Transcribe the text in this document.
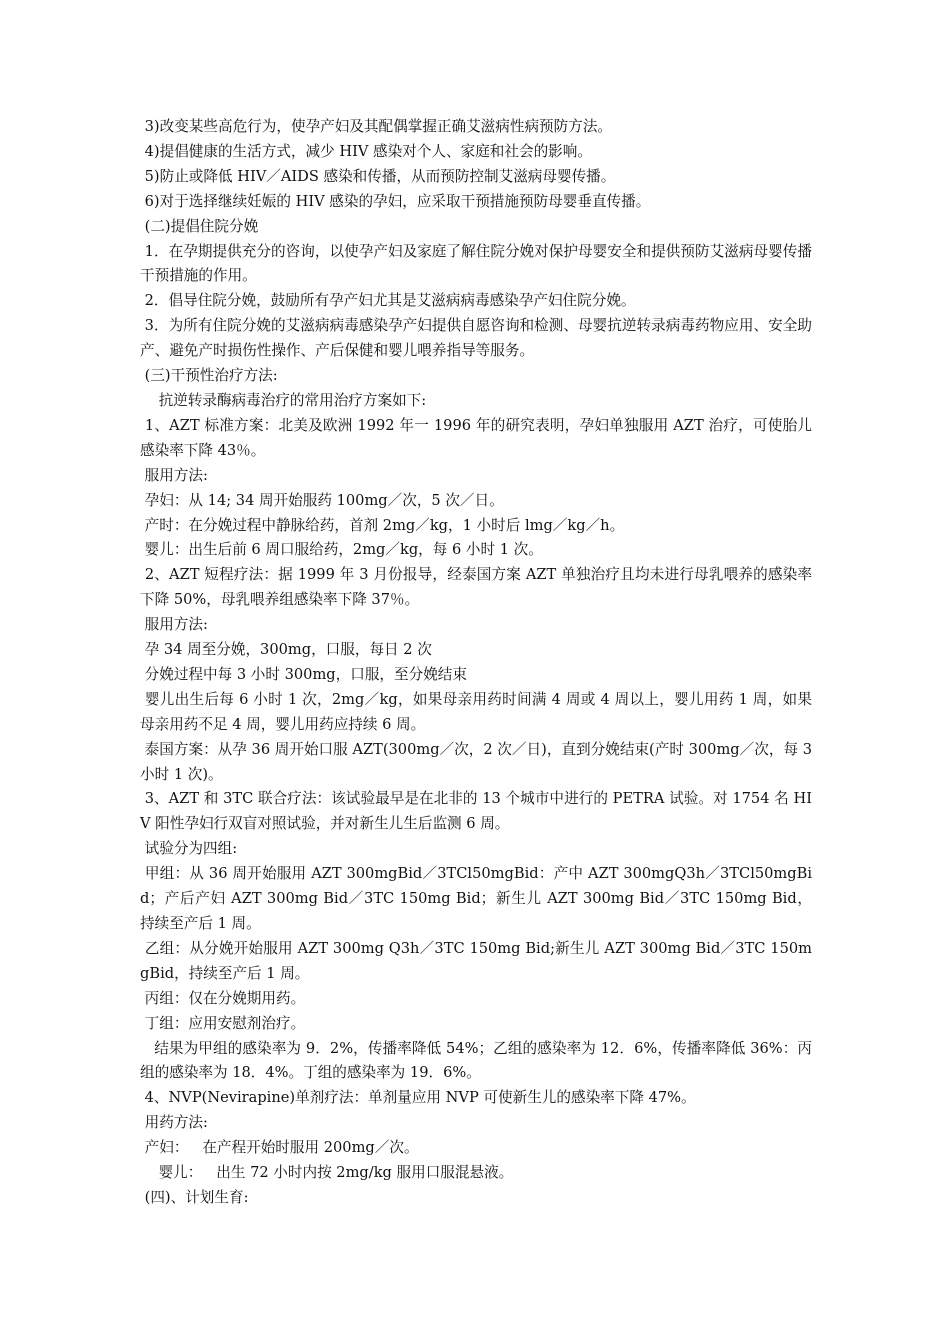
3)改变某些高危行为，使孕产妇及其配偶掌握正确艾滋病性病预防方法。

4)提倡健康的生活方式，减少 HIV 感染对个人、家庭和社会的影响。

5)防止或降低 HIV／AIDS 感染和传播，从而预防控制艾滋病母婴传播。

6)对于选择继续妊娠的 HIV 感染的孕妇，应采取干预措施预防母婴垂直传播。

(二)提倡住院分娩

1．在孕期提供充分的咨询，以使孕产妇及家庭了解住院分娩对保护母婴安全和提供预防艾滋病母婴传播干预措施的作用。

2．倡导住院分娩，鼓励所有孕产妇尤其是艾滋病病毒感染孕产妇住院分娩。

3．为所有住院分娩的艾滋病病毒感染孕产妇提供自愿咨询和检测、母婴抗逆转录病毒药物应用、安全助产、避免产时损伤性操作、产后保健和婴儿喂养指导等服务。

(三)干预性治疗方法:

抗逆转录酶病毒治疗的常用治疗方案如下:

1、AZT 标准方案：北美及欧洲 1992 年一 1996 年的研究表明，孕妇单独服用 AZT 治疗，可使胎儿感染率下降 43％。

服用方法:

孕妇：从 14; 34 周开始服药 100mg／次，5 次／日。

产时：在分娩过程中静脉给药，首剂 2mg／kg，1 小时后 lmg／kg／h。

婴儿：出生后前 6 周口服给药，2mg／kg，每 6 小时 1 次。

2、AZT 短程疗法：据 1999 年 3 月份报导，经泰国方案 AZT 单独治疗且均未进行母乳喂养的感染率下降 50%，母乳喂养组感染率下降 37％。

服用方法:

孕 34 周至分娩，300mg，口服，每日 2 次

分娩过程中每 3 小时 300mg，口服，至分娩结束

婴儿出生后每 6 小时 1 次，2mg／kg，如果母亲用药时间满 4 周或 4 周以上，婴儿用药 1 周，如果母亲用药不足 4 周，婴儿用药应持续 6 周。

泰国方案：从孕 36 周开始口服 AZT(300mg／次，2 次／日)，直到分娩结束(产时 300mg／次，每 3 小时 1 次)。

3、AZT 和 3TC 联合疗法：该试验最早是在北非的 13 个城市中进行的 PETRA 试验。对 1754 名 HIV 阳性孕妇行双盲对照试验，并对新生儿生后监测 6 周。

试验分为四组:

甲组：从 36 周开始服用 AZT 300mgBid／3TCl50mgBid：产中 AZT 300mgQ3h／3TCl50mgBid；产后产妇 AZT 300mg Bid／3TC 150mg Bid；新生儿 AZT 300mg Bid／3TC 150mg Bid，  持续至产后 1 周。

乙组：从分娩开始服用 AZT 300mg Q3h／3TC 150mg Bid;新生儿 AZT 300mg Bid／3TC 150mgBid，持续至产后 1 周。

丙组：仅在分娩期用药。

丁组：应用安慰剂治疗。

结果为甲组的感染率为 9．2%，传播率降低 54%；乙组的感染率为 12．6%，传播率降低 36%：丙组的感染率为 18．4%。丁组的感染率为 19．6%。

4、NVP(Nevirapine)单剂疗法：单剂量应用 NVP 可使新生儿的感染率下降 47%。

用药方法:

产妇：   在产程开始时服用 200mg／次。

婴儿：   出生 72 小时内按 2mg/kg 服用口服混悬液。

(四)、计划生育:
